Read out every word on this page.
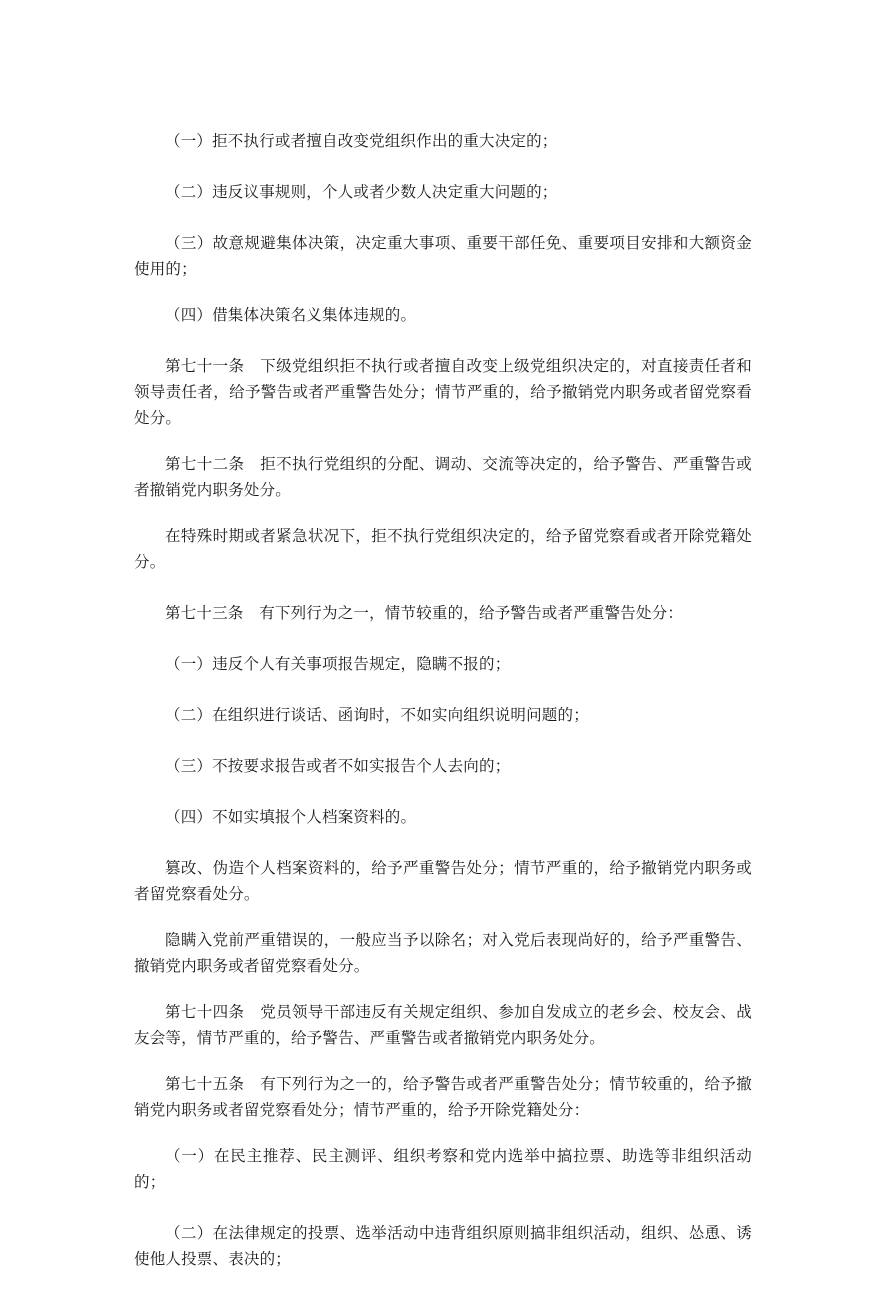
（一）拒不执行或者擅自改变党组织作出的重大决定的；

（二）违反议事规则，个人或者少数人决定重大问题的；

（三）故意规避集体决策，决定重大事项、重要干部任免、重要项目安排和大额资金使用的；

（四）借集体决策名义集体违规的。

第七十一条　下级党组织拒不执行或者擅自改变上级党组织决定的，对直接责任者和领导责任者，给予警告或者严重警告处分；情节严重的，给予撤销党内职务或者留党察看处分。

第七十二条　拒不执行党组织的分配、调动、交流等决定的，给予警告、严重警告或者撤销党内职务处分。

在特殊时期或者紧急状况下，拒不执行党组织决定的，给予留党察看或者开除党籍处分。

第七十三条　有下列行为之一，情节较重的，给予警告或者严重警告处分：

（一）违反个人有关事项报告规定，隐瞒不报的；

（二）在组织进行谈话、函询时，不如实向组织说明问题的；

（三）不按要求报告或者不如实报告个人去向的；

（四）不如实填报个人档案资料的。

篡改、伪造个人档案资料的，给予严重警告处分；情节严重的，给予撤销党内职务或者留党察看处分。

隐瞒入党前严重错误的，一般应当予以除名；对入党后表现尚好的，给予严重警告、撤销党内职务或者留党察看处分。

第七十四条　党员领导干部违反有关规定组织、参加自发成立的老乡会、校友会、战友会等，情节严重的，给予警告、严重警告或者撤销党内职务处分。

第七十五条　有下列行为之一的，给予警告或者严重警告处分；情节较重的，给予撤销党内职务或者留党察看处分；情节严重的，给予开除党籍处分：

（一）在民主推荐、民主测评、组织考察和党内选举中搞拉票、助选等非组织活动的；

（二）在法律规定的投票、选举活动中违背组织原则搞非组织活动，组织、怂恿、诱使他人投票、表决的；
